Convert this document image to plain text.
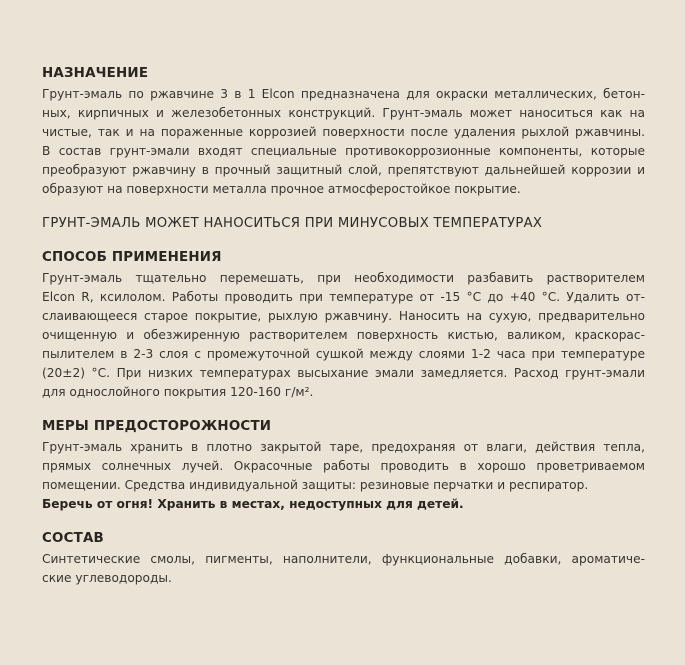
НАЗНАЧЕНИЕ
Грунт-эмаль по ржавчине 3 в 1 Elcon предназначена для окраски металлических, бетон-
ных, кирпичных и железобетонных конструкций. Грунт-эмаль может наноситься как на
чистые, так и на пораженные коррозией поверхности после удаления рыхлой ржавчины.
В состав грунт-эмали входят специальные противокоррозионные компоненты, которые
преобразуют ржавчину в прочный защитный слой, препятствуют дальнейшей коррозии и
образуют на поверхности металла прочное атмосферостойкое покрытие.
ГРУНТ-ЭМАЛЬ МОЖЕТ НАНОСИТЬСЯ ПРИ МИНУСОВЫХ ТЕМПЕРАТУРАХ
СПОСОБ ПРИМЕНЕНИЯ
Грунт-эмаль тщательно перемешать, при необходимости разбавить растворителем
Elcon R, ксилолом. Работы проводить при температуре от -15 °C до +40 °C. Удалить от-
слаивающееся старое покрытие, рыхлую ржавчину. Наносить на сухую, предварительно
очищенную и обезжиренную растворителем поверхность кистью, валиком, краскорас-
пылителем в 2-3 слоя с промежуточной сушкой между слоями 1-2 часа при температуре
(20±2) °C. При низких температурах высыхание эмали замедляется. Расход грунт-эмали
для однослойного покрытия 120-160 г/м².
МЕРЫ ПРЕДОСТОРОЖНОСТИ
Грунт-эмаль хранить в плотно закрытой таре, предохраняя от влаги, действия тепла,
прямых солнечных лучей. Окрасочные работы проводить в хорошо проветриваемом
помещении. Средства индивидуальной защиты: резиновые перчатки и респиратор.
Беречь от огня! Хранить в местах, недоступных для детей.
СОСТАВ
Синтетические смолы, пигменты, наполнители, функциональные добавки, ароматиче-
ские углеводороды.
